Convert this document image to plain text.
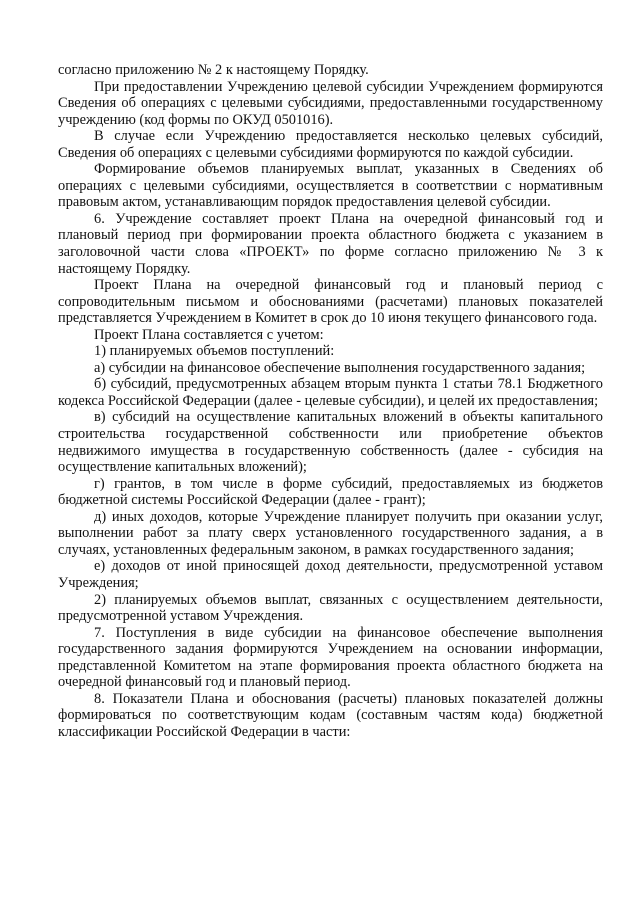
согласно приложению № 2 к настоящему Порядку.

При предоставлении Учреждению целевой субсидии Учреждением формируются Сведения об операциях с целевыми субсидиями, предоставленными государственному учреждению (код формы по ОКУД 0501016).

В случае если Учреждению предоставляется несколько целевых субсидий, Сведения об операциях с целевыми субсидиями формируются по каждой субсидии.

Формирование объемов планируемых выплат, указанных в Сведениях об операциях с целевыми субсидиями, осуществляется в соответствии с нормативным правовым актом, устанавливающим порядок предоставления целевой субсидии.

6. Учреждение составляет проект Плана на очередной финансовый год и плановый период при формировании проекта областного бюджета с указанием в заголовочной части слова «ПРОЕКТ» по форме согласно приложению № 3 к настоящему Порядку.

Проект Плана на очередной финансовый год и плановый период с сопроводительным письмом и обоснованиями (расчетами) плановых показателей представляется Учреждением в Комитет в срок до 10 июня текущего финансового года.

Проект Плана составляется с учетом:

1) планируемых объемов поступлений:

а) субсидии на финансовое обеспечение выполнения государственного задания;

б) субсидий, предусмотренных абзацем вторым пункта 1 статьи 78.1 Бюджетного кодекса Российской Федерации (далее - целевые субсидии), и целей их предоставления;

в) субсидий на осуществление капитальных вложений в объекты капитального строительства государственной собственности или приобретение объектов недвижимого имущества в государственную собственность (далее - субсидия на осуществление капитальных вложений);

г) грантов, в том числе в форме субсидий, предоставляемых из бюджетов бюджетной системы Российской Федерации (далее - грант);

д) иных доходов, которые Учреждение планирует получить при оказании услуг, выполнении работ за плату сверх установленного государственного задания, а в случаях, установленных федеральным законом, в рамках государственного задания;

е) доходов от иной приносящей доход деятельности, предусмотренной уставом Учреждения;

2) планируемых объемов выплат, связанных с осуществлением деятельности, предусмотренной уставом Учреждения.

7. Поступления в виде субсидии на финансовое обеспечение выполнения государственного задания формируются Учреждением на основании информации, представленной Комитетом на этапе формирования проекта областного бюджета на очередной финансовый год и плановый период.

8. Показатели Плана и обоснования (расчеты) плановых показателей должны формироваться по соответствующим кодам (составным частям кода) бюджетной классификации Российской Федерации в части:
